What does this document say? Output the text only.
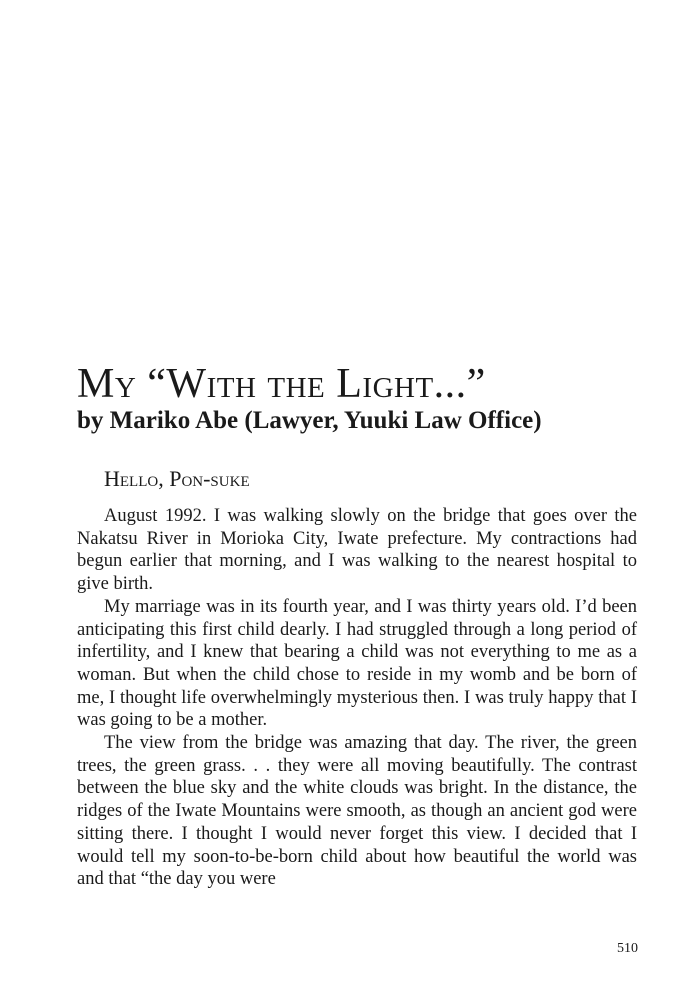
My “With the Light...”
by Mariko Abe (Lawyer, Yuuki Law Office)
Hello, Pon-suke

August 1992. I was walking slowly on the bridge that goes over the Nakatsu River in Morioka City, Iwate prefecture. My contractions had begun earlier that morning, and I was walking to the nearest hospital to give birth.

My marriage was in its fourth year, and I was thirty years old. I’d been anticipating this first child dearly. I had struggled through a long period of infertility, and I knew that bearing a child was not everything to me as a woman. But when the child chose to reside in my womb and be born of me, I thought life overwhelmingly mysterious then. I was truly happy that I was going to be a mother.

The view from the bridge was amazing that day. The river, the green trees, the green grass. . . they were all moving beautifully. The contrast between the blue sky and the white clouds was bright. In the distance, the ridges of the Iwate Mountains were smooth, as though an ancient god were sitting there. I thought I would never forget this view. I decided that I would tell my soon-to-be-born child about how beautiful the world was and that “the day you were

510
